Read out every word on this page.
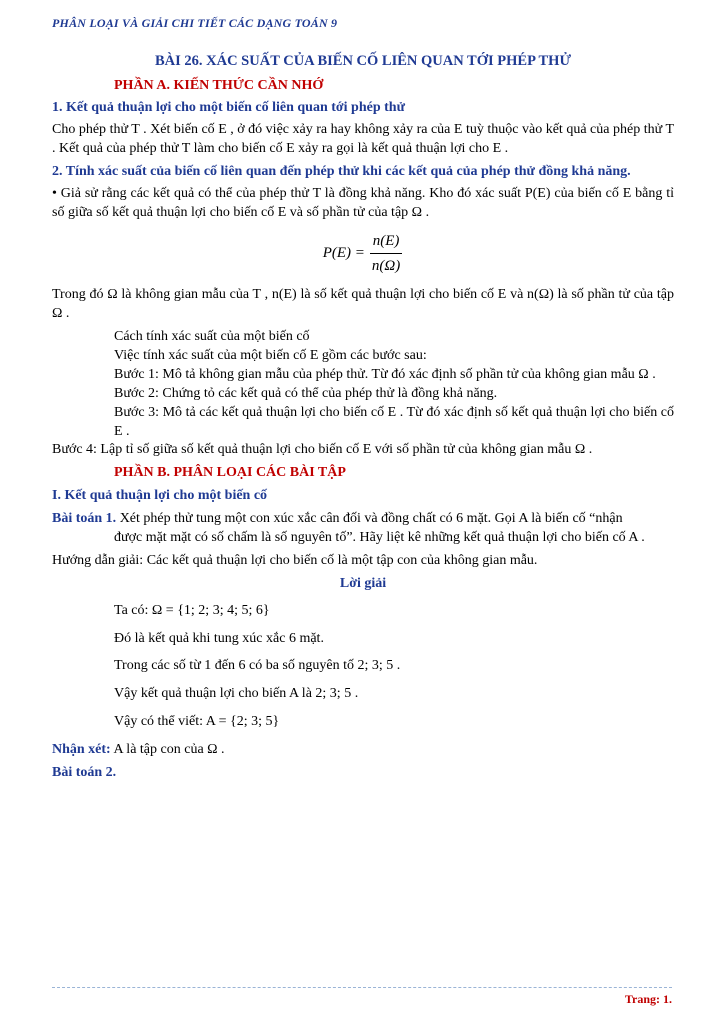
PHÂN LOẠI VÀ GIẢI CHI TIẾT CÁC DẠNG TOÁN 9
BÀI 26. XÁC SUẤT CỦA BIẾN CỐ LIÊN QUAN TỚI PHÉP THỬ
PHẦN A. KIẾN THỨC CẦN NHỚ
1. Kết quả thuận lợi cho một biến cố liên quan tới phép thử
Cho phép thử T . Xét biến cố E , ở đó việc xảy ra hay không xảy ra của E tuỳ thuộc vào kết quả của phép thử T . Kết quả của phép thử T làm cho biến cố E xảy ra gọi là kết quả thuận lợi cho E .
2. Tính xác suất của biến cố liên quan đến phép thử khi các kết quả của phép thử đồng khả năng.
• Giả sử rằng các kết quả có thể của phép thử T là đồng khả năng. Kho đó xác suất P(E) của biến cố E bằng tỉ số giữa số kết quả thuận lợi cho biến cố E và số phần tử của tập Ω .
$P(E) = \frac{n(E)}{n(\Omega)}$
Trong đó Ω là không gian mẫu của T , n(E) là số kết quả thuận lợi cho biến cố E và n(Ω) là số phần tử của tập Ω .
Cách tính xác suất của một biến cố
Việc tính xác suất của một biến cố E gồm các bước sau:
Bước 1: Mô tả không gian mẫu của phép thử. Từ đó xác định số phần tử của không gian mẫu Ω .
Bước 2: Chứng tỏ các kết quả có thể của phép thử là đồng khả năng.
Bước 3: Mô tả các kết quả thuận lợi cho biến cố E . Từ đó xác định số kết quả thuận lợi cho biến cố E .
Bước 4: Lập tỉ số giữa số kết quả thuận lợi cho biến cố E với số phần tử của không gian mẫu Ω .
PHẦN B. PHÂN LOẠI CÁC BÀI TẬP
I. Kết quả thuận lợi cho một biến cố
Bài toán 1. Xét phép thử tung một con xúc xắc cân đối và đồng chất có 6 mặt. Gọi A là biến cố “nhận
được mặt mặt có số chấm là số nguyên tố”. Hãy liệt kê những kết quả thuận lợi cho biến cố A .
Hướng dẫn giải: Các kết quả thuận lợi cho biến cố là một tập con của không gian mẫu.
Lời giải
Ta có: Ω = {1; 2; 3; 4; 5; 6}
Đó là kết quả khi tung xúc xắc 6 mặt.
Trong các số từ 1 đến 6 có ba số nguyên tố 2; 3; 5 .
Vậy kết quả thuận lợi cho biến A là 2; 3; 5 .
Vậy có thể viết: A = {2; 3; 5}
Nhận xét: A là tập con của Ω .
Bài toán 2.
Trang: 1.
